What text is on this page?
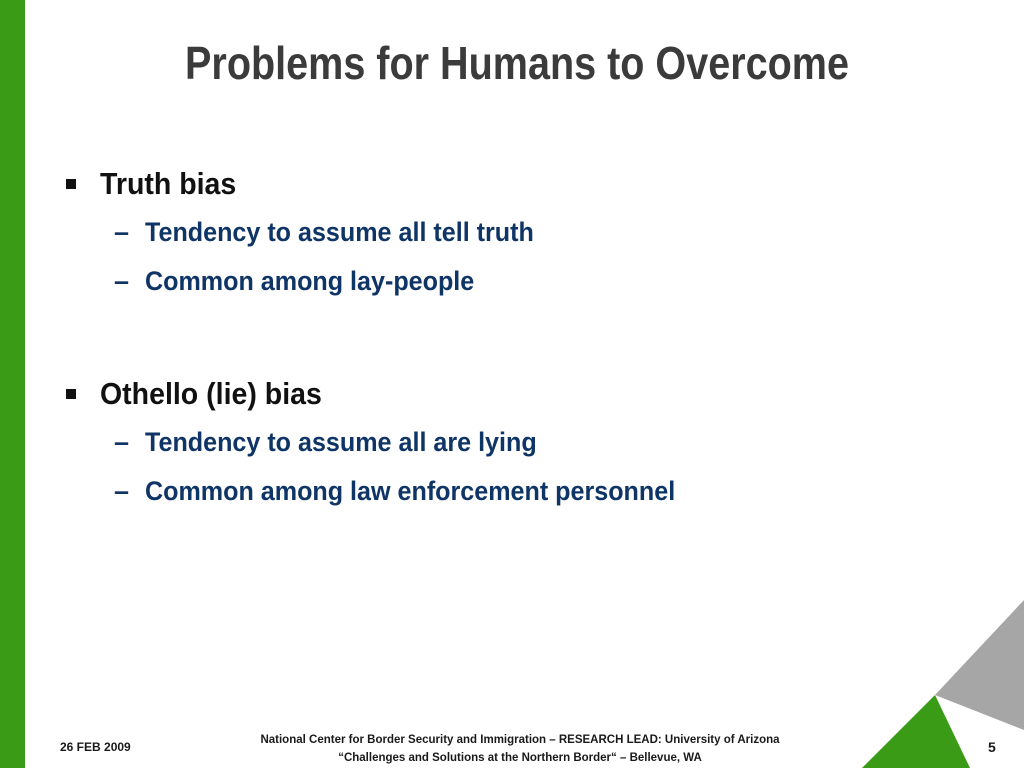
Problems for Humans to Overcome
Truth bias
– Tendency to assume all tell truth
– Common among lay-people
Othello (lie) bias
– Tendency to assume all are lying
– Common among law enforcement personnel
26 FEB 2009	National Center for Border Security and Immigration – RESEARCH LEAD: University of Arizona
“Challenges and Solutions at the Northern Border“ – Bellevue, WA
5
